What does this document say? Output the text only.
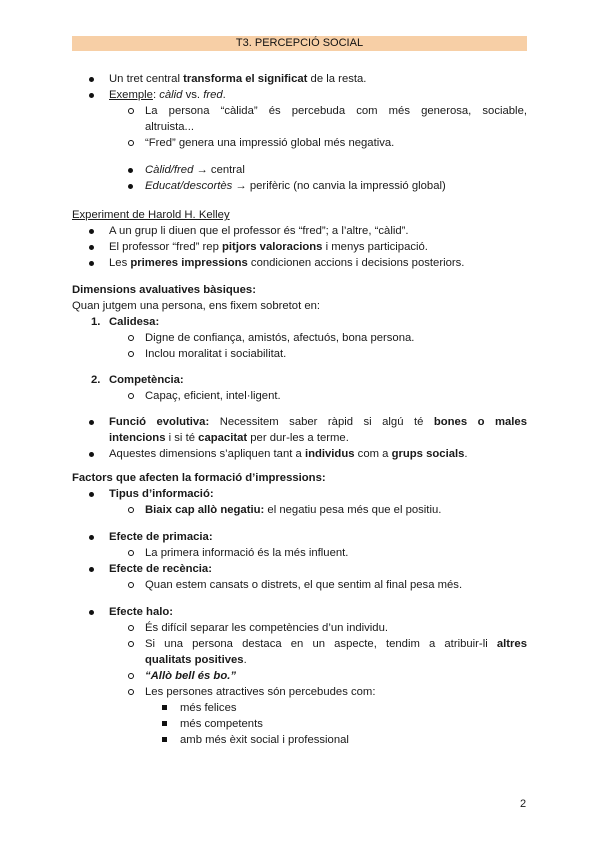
T3. PERCEPCIÓ SOCIAL
Un tret central transforma el significat de la resta.
Exemple: càlid vs. fred.
La persona “càlida” és percebuda com més generosa, sociable,
altruista...
“Fred” genera una impressió global més negativa.
Càlid/fred → central
Educat/descortès → perifèric (no canvia la impressió global)
Experiment de Harold H. Kelley
A un grup li diuen que el professor és “fred”; a l’altre, “càlid”.
El professor “fred” rep pitjors valoracions i menys participació.
Les primeres impressions condicionen accions i decisions posteriors.
Dimensions avaluatives bàsiques:
Quan jutgem una persona, ens fixem sobretot en:
1. Calidesa:
Digne de confiança, amistós, afectuós, bona persona.
Inclou moralitat i sociabilitat.
2. Competència:
Capaç, eficient, intel·ligent.
Funció evolutiva: Necessitem saber ràpid si algú té bones o males
intencions i si té capacitat per dur-les a terme.
Aquestes dimensions s’apliquen tant a individus com a grups socials.
Factors que afecten la formació d’impressions:
Tipus d’informació:
Biaix cap allò negatiu: el negatiu pesa més que el positiu.
Efecte de primacia:
La primera informació és la més influent.
Efecte de recència:
Quan estem cansats o distrets, el que sentim al final pesa més.
Efecte halo:
És difícil separar les competències d’un individu.
Si una persona destaca en un aspecte, tendim a atribuir-li altres
qualitats positives.
“Allò bell és bo.”
Les persones atractives són percebudes com:
més felices
més competents
amb més èxit social i professional
2
